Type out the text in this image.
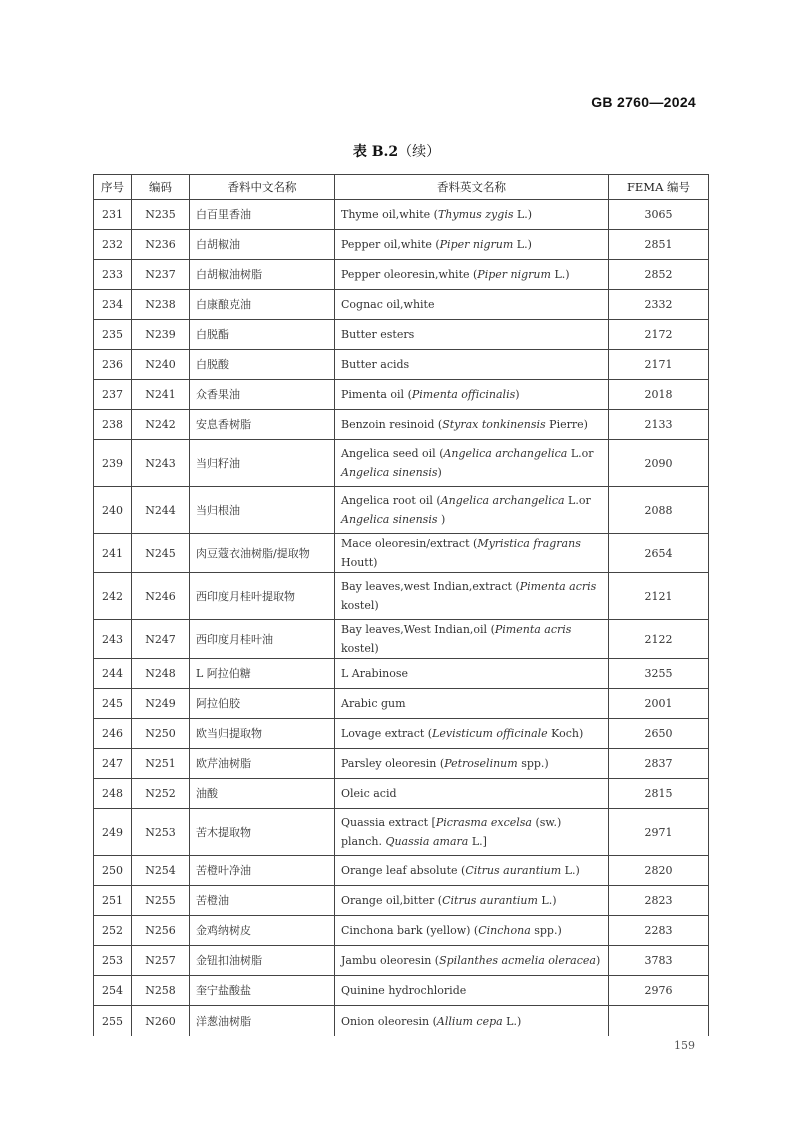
GB 2760—2024
表 B.2（续）
序号	编码	香料中文名称	香料英文名称	FEMA 编号
231	N235	白百里香油	Thyme oil,white (Thymus zygis L.)	3065
232	N236	白胡椒油	Pepper oil,white (Piper nigrum L.)	2851
233	N237	白胡椒油树脂	Pepper oleoresin,white (Piper nigrum L.)	2852
234	N238	白康酿克油	Cognac oil,white	2332
235	N239	白脱酯	Butter esters	2172
236	N240	白脱酸	Butter acids	2171
237	N241	众香果油	Pimenta oil (Pimenta officinalis)	2018
238	N242	安息香树脂	Benzoin resinoid (Styrax tonkinensis Pierre)	2133
239	N243	当归籽油	Angelica seed oil (Angelica archangelica L.or Angelica sinensis)	2090
240	N244	当归根油	Angelica root oil (Angelica archangelica L.or Angelica sinensis )	2088
241	N245	肉豆蔻衣油树脂/提取物	Mace oleoresin/extract (Myristica fragrans Houtt)	2654
242	N246	西印度月桂叶提取物	Bay leaves,west Indian,extract (Pimenta acris kostel)	2121
243	N247	西印度月桂叶油	Bay leaves,West Indian,oil (Pimenta acris kostel)	2122
244	N248	L 阿拉伯糖	L Arabinose	3255
245	N249	阿拉伯胶	Arabic gum	2001
246	N250	欧当归提取物	Lovage extract (Levisticum officinale Koch)	2650
247	N251	欧芹油树脂	Parsley oleoresin (Petroselinum spp.)	2837
248	N252	油酸	Oleic acid	2815
249	N253	苦木提取物	Quassia extract [Picrasma excelsa (sw.) planch. Quassia amara L.]	2971
250	N254	苦橙叶净油	Orange leaf absolute (Citrus aurantium L.)	2820
251	N255	苦橙油	Orange oil,bitter (Citrus aurantium L.)	2823
252	N256	金鸡纳树皮	Cinchona bark (yellow) (Cinchona spp.)	2283
253	N257	金钮扣油树脂	Jambu oleoresin (Spilanthes acmelia oleracea)	3783
254	N258	奎宁盐酸盐	Quinine hydrochloride	2976
255	N260	洋葱油树脂	Onion oleoresin (Allium cepa L.)	
159
